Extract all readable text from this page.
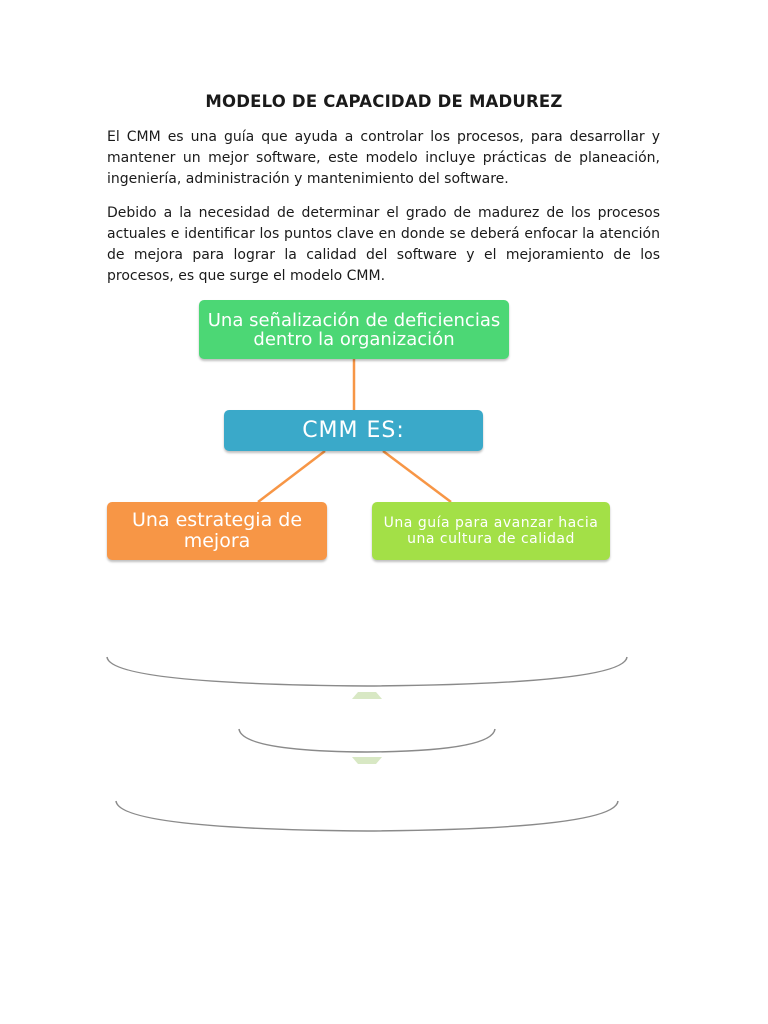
MODELO DE CAPACIDAD DE MADUREZ
El CMM es una guía que ayuda a controlar los procesos, para desarrollar y mantener un mejor software, este modelo incluye prácticas de planeación, ingeniería, administración y mantenimiento del software.
Debido a la necesidad de determinar el grado de madurez de los procesos actuales e identificar los puntos clave en donde se deberá enfocar la atención de mejora para lograr la calidad del software y el mejoramiento de los procesos, es que surge el modelo CMM.
Una señalización de deficiencias dentro la organización
CMM ES:
Una estrategia de mejora
Una guía para avanzar hacia una cultura de calidad
